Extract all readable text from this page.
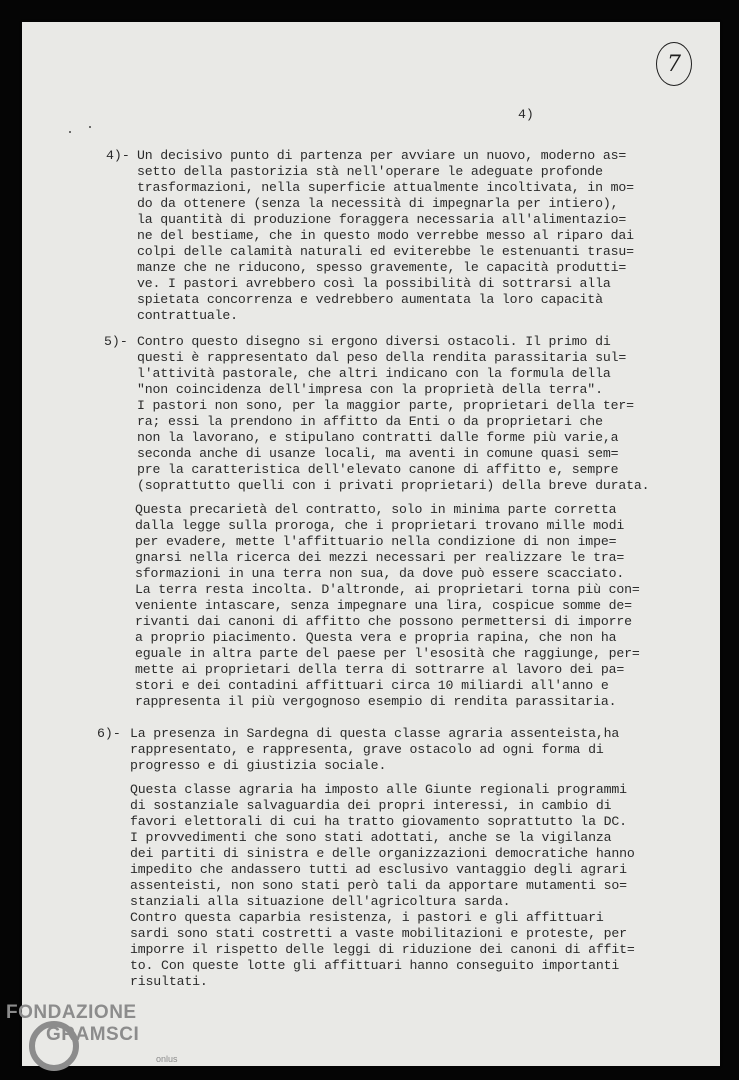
7
4)
4)- Un decisivo punto di partenza per avviare un nuovo, moderno as=
setto della pastorizia stà nell'operare le adeguate profonde
trasformazioni, nella superficie attualmente incoltivata, in mo=
do da ottenere (senza la necessità di impegnarla per intiero),
la quantità di produzione foraggera necessaria all'alimentazio=
ne del bestiame, che in questo modo verrebbe messo al riparo dai
colpi delle calamità naturali ed eviterebbe le estenuanti trasu=
manze che ne riducono, spesso gravemente, le capacità produtti=
ve. I pastori avrebbero così la possibilità di sottrarsi alla
spietata concorrenza e vedrebbero aumentata la loro capacità
contrattuale.
5)- Contro questo disegno si ergono diversi ostacoli. Il primo di
questi è rappresentato dal peso della rendita parassitaria sul=
l'attività pastorale, che altri indicano con la formula della
"non coincidenza dell'impresa con la proprietà della terra".
I pastori non sono, per la maggior parte, proprietari della ter=
ra; essi la prendono in affitto da Enti o da proprietari che
non la lavorano, e stipulano contratti dalle forme più varie,a
seconda anche di usanze locali, ma aventi in comune quasi sem=
pre la caratteristica dell'elevato canone di affitto e, sempre
(soprattutto quelli con i privati proprietari) della breve durata.
Questa precarietà del contratto, solo in minima parte corretta
dalla legge sulla proroga, che i proprietari trovano mille modi
per evadere, mette l'affittuario nella condizione di non impe=
gnarsi nella ricerca dei mezzi necessari per realizzare le tra=
sformazioni in una terra non sua, da dove può essere scacciato.
La terra resta incolta. D'altronde, ai proprietari torna più con=
veniente intascare, senza impegnare una lira, cospicue somme de=
rivanti dai canoni di affitto che possono permettersi di imporre
a proprio piacimento. Questa vera e propria rapina, che non ha
eguale in altra parte del paese per l'esosità che raggiunge, per=
mette ai proprietari della terra di sottrarre al lavoro dei pa=
stori e dei contadini affittuari circa 10 miliardi all'anno e
rappresenta il più vergognoso esempio di rendita parassitaria.
6)- La presenza in Sardegna di questa classe agraria assenteista,ha
rappresentato, e rappresenta, grave ostacolo ad ogni forma di
progresso e di giustizia sociale.
Questa classe agraria ha imposto alle Giunte regionali programmi
di sostanziale salvaguardia dei propri interessi, in cambio di
favori elettorali di cui ha tratto giovamento soprattutto la DC.
I provvedimenti che sono stati adottati, anche se la vigilanza
dei partiti di sinistra e delle organizzazioni democratiche hanno
impedito che andassero tutti ad esclusivo vantaggio degli agrari
assenteisti, non sono stati però tali da apportare mutamenti so=
stanziali alla situazione dell'agricoltura sarda.
Contro questa caparbia resistenza, i pastori e gli affittuari
sardi sono stati costretti a vaste mobilitazioni e proteste, per
imporre il rispetto delle leggi di riduzione dei canoni di affit=
to. Con queste lotte gli affittuari hanno conseguito importanti
risultati.
FONDAZIONE
GRAMSCI
onlus
